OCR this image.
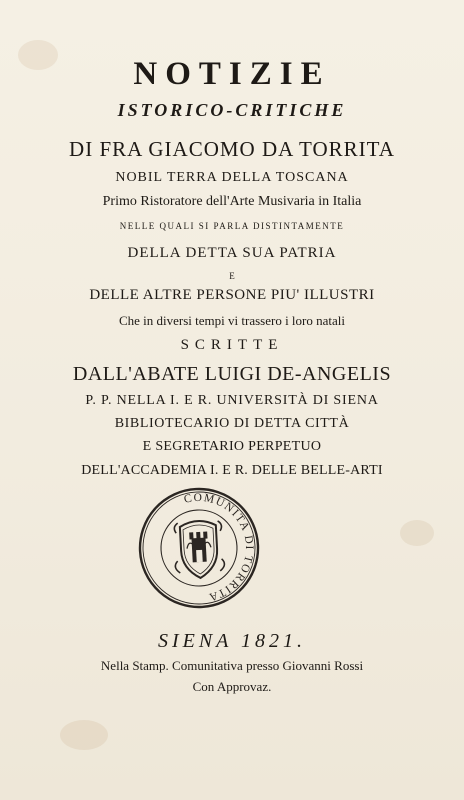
NOTIZIE
ISTORICO-CRITICHE
DI FRA GIACOMO DA TORRITA
NOBIL TERRA DELLA TOSCANA
Primo Ristoratore dell'Arte Musivaria in Italia
NELLE QUALI SI PARLA DISTINTAMENTE
DELLA DETTA SUA PATRIA
E
DELLE ALTRE PERSONE PIU' ILLUSTRI
Che in diversi tempi vi trassero i loro natali
SCRITTE
DALL'ABATE LUIGI DE-ANGELIS
P. P. NELLA I. E R. UNIVERSITÀ DI SIENA
BIBLIOTECARIO DI DETTA CITTÀ
E SEGRETARIO PERPETUO
DELL'ACCADEMIA I. E R. DELLE BELLE-ARTI
COMUNITA DI TORRITA
SIENA 1821.
Nella Stamp. Comunitativa presso Giovanni Rossi
Con Approvaz.
